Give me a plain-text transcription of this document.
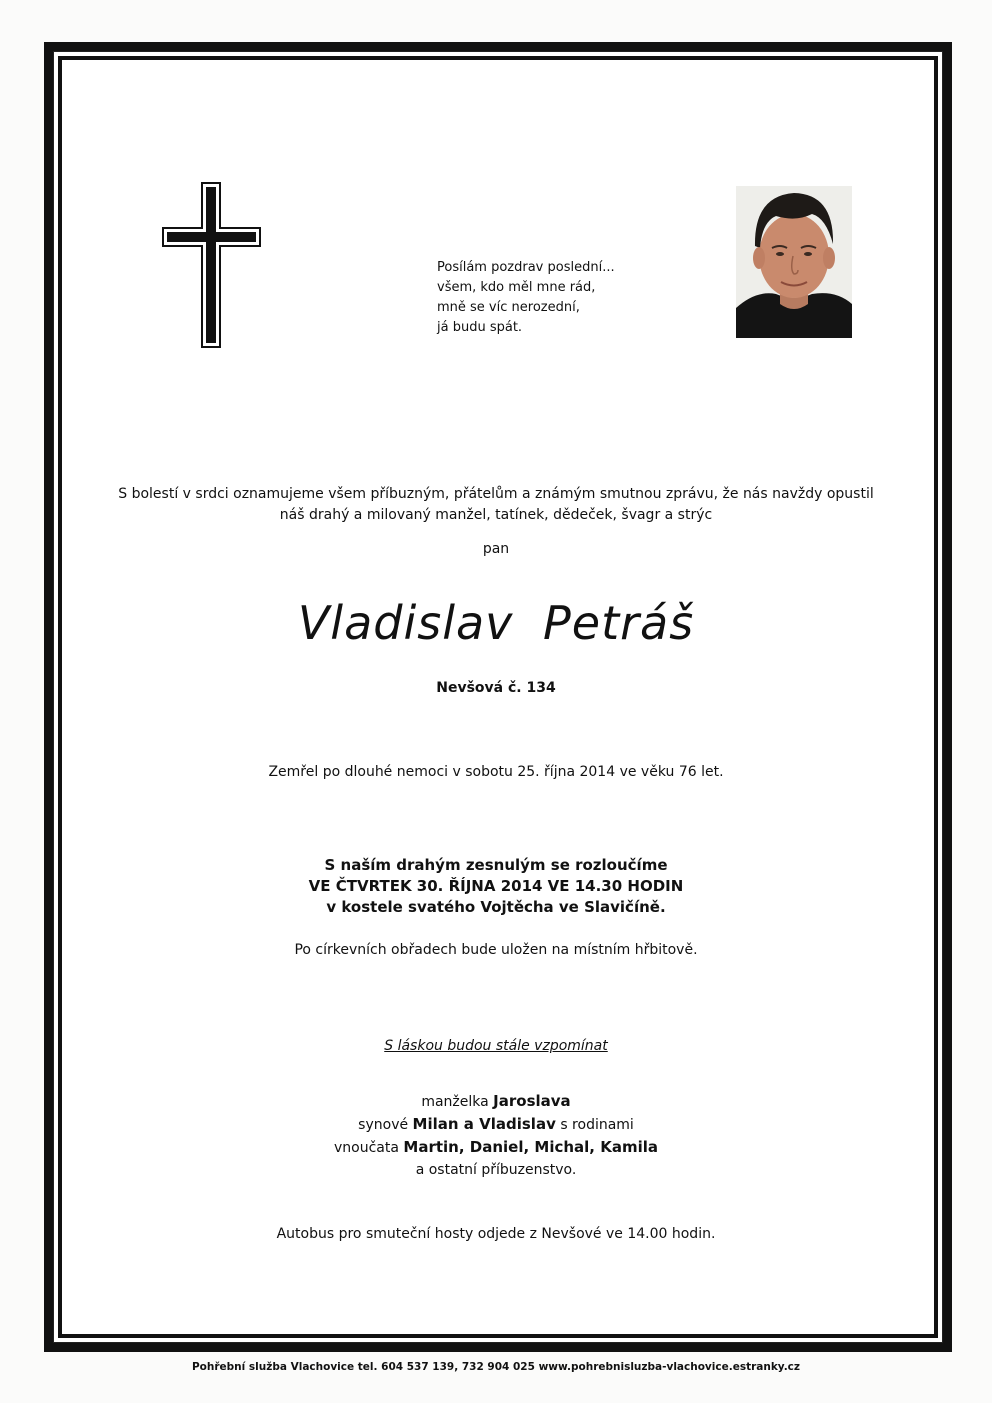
Posílám pozdrav poslední...
všem, kdo měl mne rád,
mně se víc nerozední,
já budu spát.
S bolestí v srdci oznamujeme všem příbuzným, přátelům a známým smutnou zprávu, že nás navždy opustil
náš drahý a milovaný manžel, tatínek, dědeček, švagr a strýc
pan
Vladislav Petráš
Nevšová č. 134
Zemřel po dlouhé nemoci v sobotu 25. října 2014 ve věku 76 let.
S naším drahým zesnulým se rozloučíme
VE ČTVRTEK 30. ŘÍJNA 2014 VE 14.30 HODIN
v kostele svatého Vojtěcha ve Slavičíně.
Po církevních obřadech bude uložen na místním hřbitově.
S láskou budou stále vzpomínat
manželka Jaroslava
synové Milan a Vladislav s rodinami
vnoučata Martin, Daniel, Michal, Kamila
a ostatní příbuzenstvo.
Autobus pro smuteční hosty odjede z Nevšové ve 14.00 hodin.
Pohřební služba Vlachovice tel. 604 537 139, 732 904 025 www.pohrebnisluzba-vlachovice.estranky.cz
